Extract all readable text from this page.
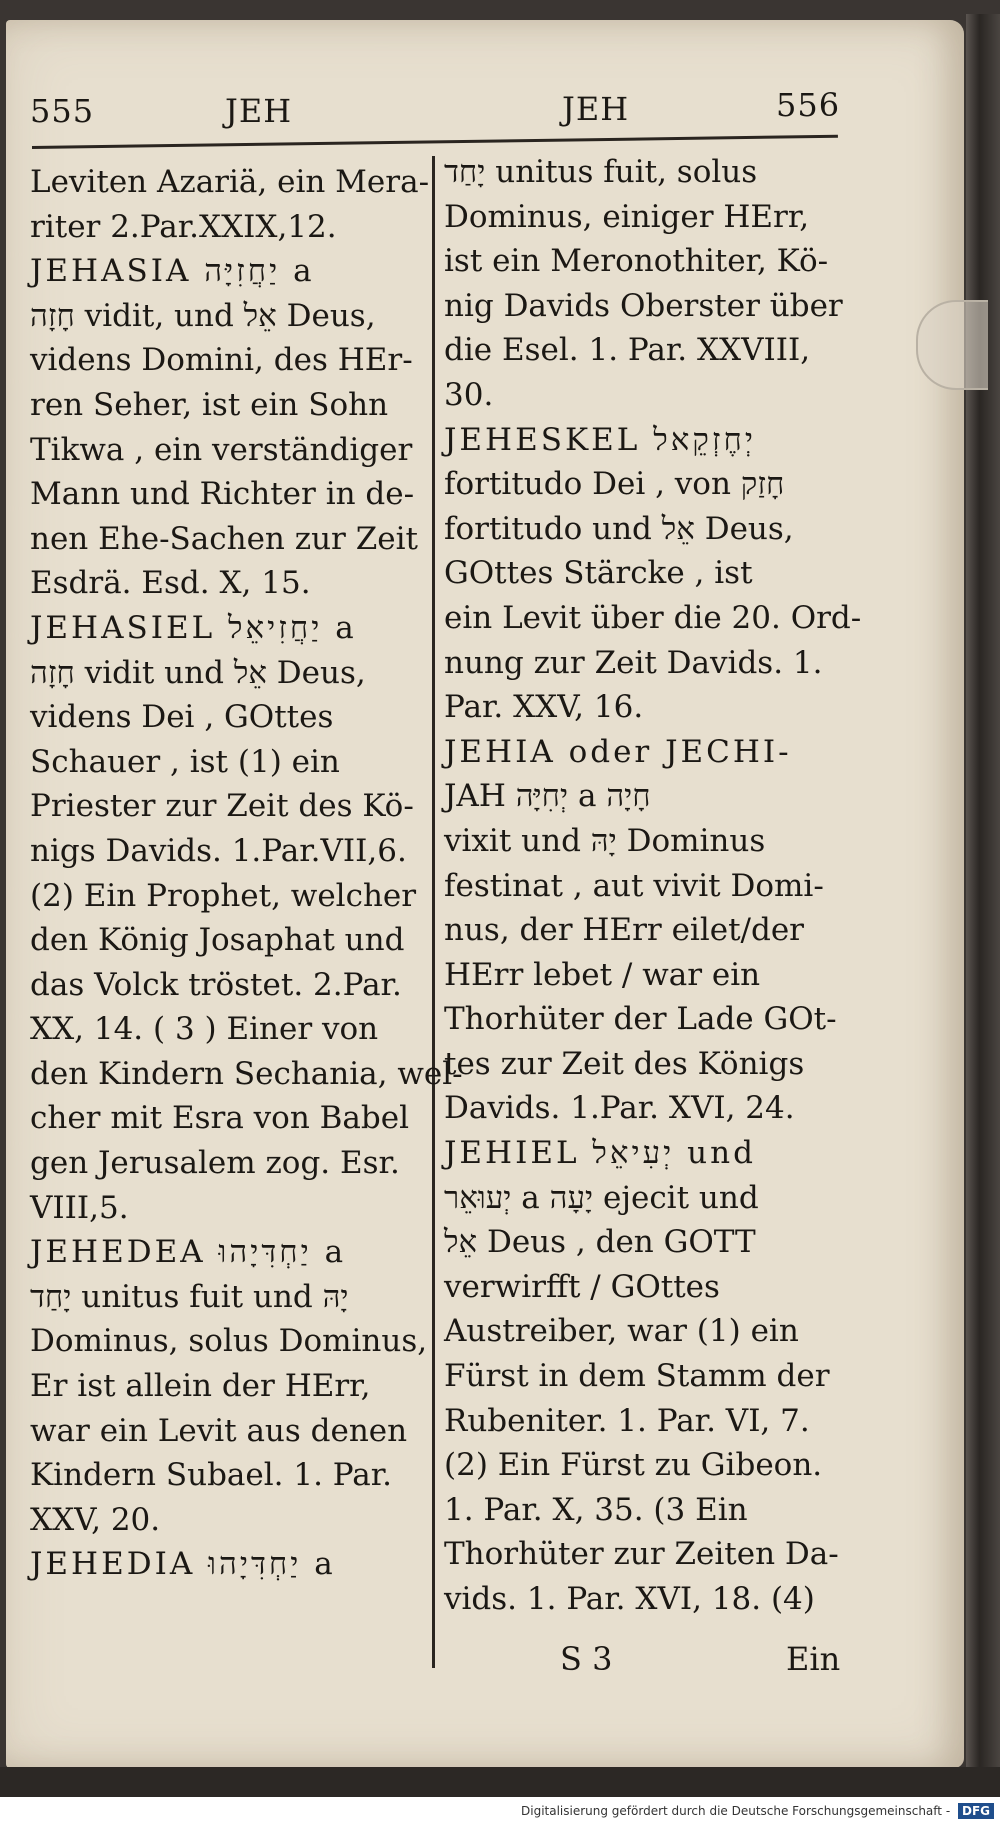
555	JEH	JEH	556
Leviten Azariä, ein Mera-
riter 2.Par.XXIX,12.
JEHASIA יַחֲזִיָּה a
חָזָה vidit, und אֵל Deus,
videns Domini, des HEr-
ren Seher, ist ein Sohn
Tikwa , ein verständiger
Mann und Richter in de-
nen Ehe-Sachen zur Zeit
Esdrä. Esd. X, 15.
JEHASIEL יַחֲזִיאֵל a
חָזָה vidit und אֵל Deus,
videns Dei , GOttes
Schauer , ist (1) ein
Priester zur Zeit des Kö-
nigs Davids. 1.Par.VII,6.
(2) Ein Prophet, welcher
den König Josaphat und
das Volck tröstet. 2.Par.
XX, 14. ( 3 ) Einer von
den Kindern Sechania, wel-
cher mit Esra von Babel
gen Jerusalem zog. Esr.
VIII,5.
JEHEDEA יַחְדִּיָהוּ a
יָחַד unitus fuit und יָהּ
Dominus, solus Dominus,
Er ist allein der HErr,
war ein Levit aus denen
Kindern Subael. 1. Par.
XXV, 20.
JEHEDIA יַחְדִּיָהוּ a
יָחַד unitus fuit, solus
Dominus, einiger HErr,
ist ein Meronothiter, Kö-
nig Davids Oberster über
die Esel. 1. Par. XXVIII,
30.
JEHESKEL יְחֶזְקֵאל
fortitudo Dei , von חָזַק
fortitudo und אֵל Deus,
GOttes Stärcke , ist
ein Levit über die 20. Ord-
nung zur Zeit Davids. 1.
Par. XXV, 16.
JEHIA oder JECHI-
JAH יְחִיָּה a חָיָה
vixit und יָהּ Dominus
festinat , aut vivit Domi-
nus, der HErr eilet/der
HErr lebet / war ein
Thorhüter der Lade GOt-
tes zur Zeit des Königs
Davids. 1.Par. XVI, 24.
JEHIEL יְעִיאֵל und
יְעוּאֵר a יָעָה ejecit und
אֵל Deus , den GOTT
verwirfft / GOttes
Austreiber, war (1) ein
Fürst in dem Stamm der
Rubeniter. 1. Par. VI, 7.
(2) Ein Fürst zu Gibeon.
1. Par. X, 35. (3 Ein
Thorhüter zur Zeiten Da-
vids. 1. Par. XVI, 18. (4)
S 3	Ein
Digitalisierung gefördert durch die Deutsche Forschungsgemeinschaft - DFG
